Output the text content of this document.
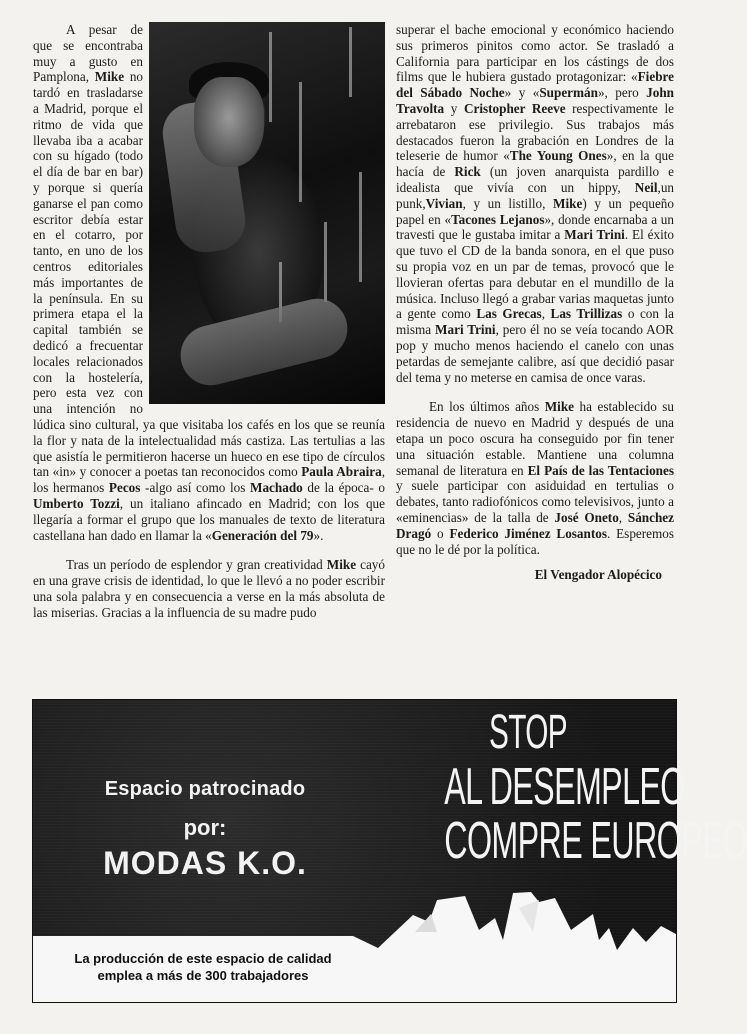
A pesar de que se encontraba muy a gusto en Pamplona, Mike no tardó en trasladarse a Madrid, porque el ritmo de vida que llevaba iba a acabar con su hígado (todo el día de bar en bar) y porque si quería ganarse el pan como escritor debía estar en el cotarro, por tanto, en uno de los centros editoriales más importantes de la península. En su primera etapa el la capital también se dedicó a frecuentar locales relacionados con la hostelería, pero esta vez con una intención no lúdica sino cultural, ya que visitaba los cafés en los que se reunía la flor y nata de la intelectualidad más castiza. Las tertulias a las que asistía le permitieron hacerse un hueco en ese tipo de círculos tan «in» y conocer a poetas tan reconocidos como Paula Abraira, los hermanos Pecos -algo así como los Machado de la época- o Umberto Tozzi, un italiano afincado en Madrid; con los que llegaría a formar el grupo que los manuales de texto de literatura castellana han dado en llamar la «Generación del 79».

Tras un período de esplendor y gran creatividad Mike cayó en una grave crisis de identidad, lo que le llevó a no poder escribir una sola palabra y en consecuencia a verse en la más absoluta de las miserias. Gracias a la influencia de su madre pudo

superar el bache emocional y económico haciendo sus primeros pinitos como actor. Se trasladó a California para participar en los cástings de dos films que le hubiera gustado protagonizar: «Fiebre del Sábado Noche» y «Supermán», pero John Travolta y Cristopher Reeve respectivamente le arrebataron ese privilegio. Sus trabajos más destacados fueron la grabación en Londres de la teleserie de humor «The Young Ones», en la que hacía de Rick (un joven anarquista pardillo e idealista que vivía con un hippy, Neil,un punk,Vivian, y un listillo, Mike) y un pequeño papel en «Tacones Lejanos», donde encarnaba a un travesti que le gustaba imitar a Mari Trini. El éxito que tuvo el CD de la banda sonora, en el que puso su propia voz en un par de temas, provocó que le llovieran ofertas para debutar en el mundillo de la música. Incluso llegó a grabar varias maquetas junto a gente como Las Grecas, Las Trillizas o con la misma Mari Trini, pero él no se veía tocando AOR pop y mucho menos haciendo el canelo con unas petardas de semejante calibre, así que decidió pasar del tema y no meterse en camisa de once varas.

En los últimos años Mike ha establecido su residencia de nuevo en Madrid y después de una etapa un poco oscura ha conseguido por fin tener una situación estable. Mantiene una columna semanal de literatura en El País de las Tentaciones y suele participar con asiduidad en tertulias o debates, tanto radiofónicos como televisivos, junto a «eminencias» de la talla de José Oneto, Sánchez Dragó o Federico Jiménez Losantos. Esperemos que no le dé por la política.

El Vengador Alopécico

Espacio patrocinado
por:
MODAS K.O.
STOP
AL DESEMPLEO
COMPRE EUROPEO
La producción de este espacio de calidad
emplea a más de 300 trabajadores
